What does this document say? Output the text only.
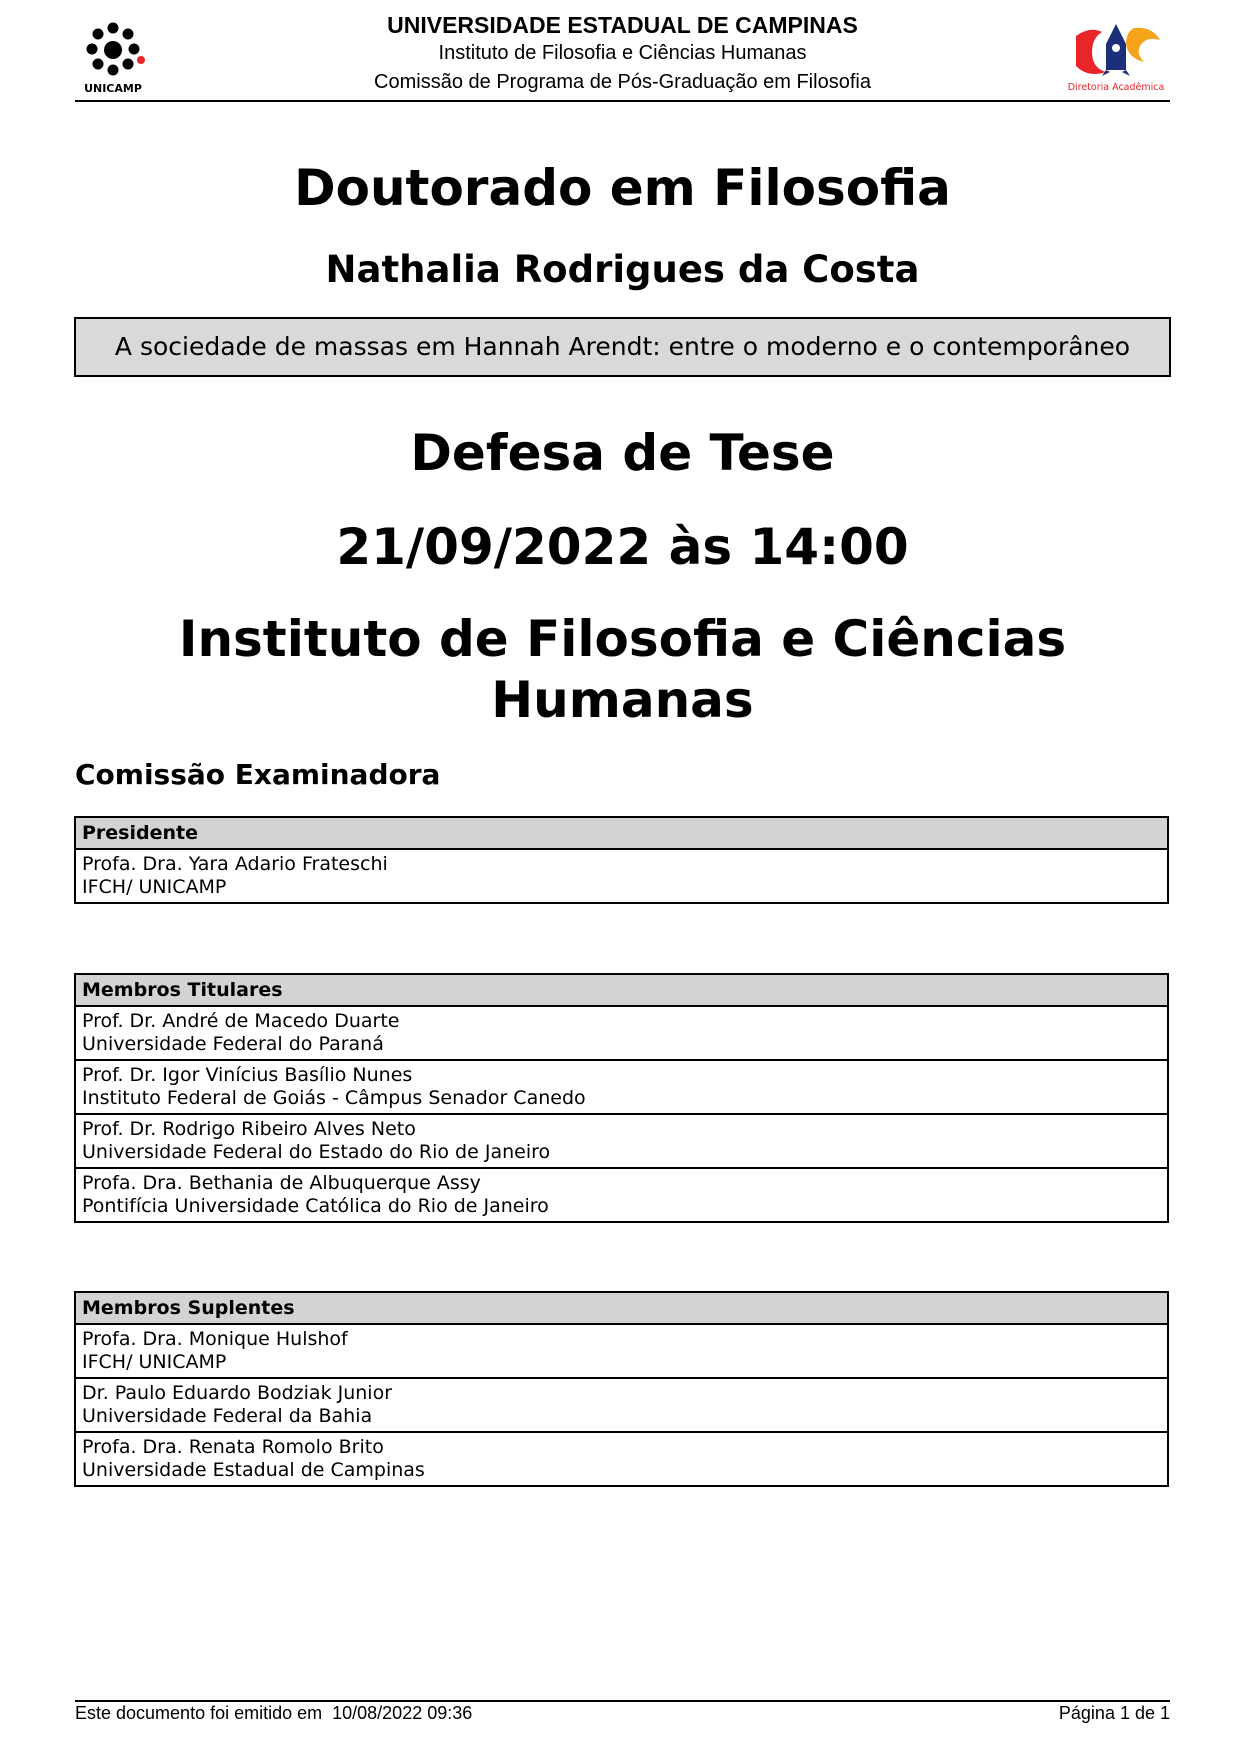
UNICAMP
UNIVERSIDADE ESTADUAL DE CAMPINAS
Instituto de Filosofia e Ciências Humanas
Comissão de Programa de Pós-Graduação em Filosofia	Diretoria Acadêmica
Doutorado em Filosofia
Nathalia Rodrigues da Costa
A sociedade de massas em Hannah Arendt: entre o moderno e o contemporâneo
Defesa de Tese
21/09/2022 às 14:00
Instituto de Filosofia e Ciências
Humanas
Comissão Examinadora
Presidente

Profa. Dra. Yara Adario Frateschi
IFCH/ UNICAMP
Membros Titulares

Prof. Dr. André de Macedo Duarte
Universidade Federal do Paraná

Prof. Dr. Igor Vinícius Basílio Nunes
Instituto Federal de Goiás - Câmpus Senador Canedo

Prof. Dr. Rodrigo Ribeiro Alves Neto
Universidade Federal do Estado do Rio de Janeiro

Profa. Dra. Bethania de Albuquerque Assy
Pontifícia Universidade Católica do Rio de Janeiro
Membros Suplentes

Profa. Dra. Monique Hulshof
IFCH/ UNICAMP

Dr. Paulo Eduardo Bodziak Junior
Universidade Federal da Bahia

Profa. Dra. Renata Romolo Brito
Universidade Estadual de Campinas
Este documento foi emitido em  10/08/2022 09:36	Página 1 de 1
